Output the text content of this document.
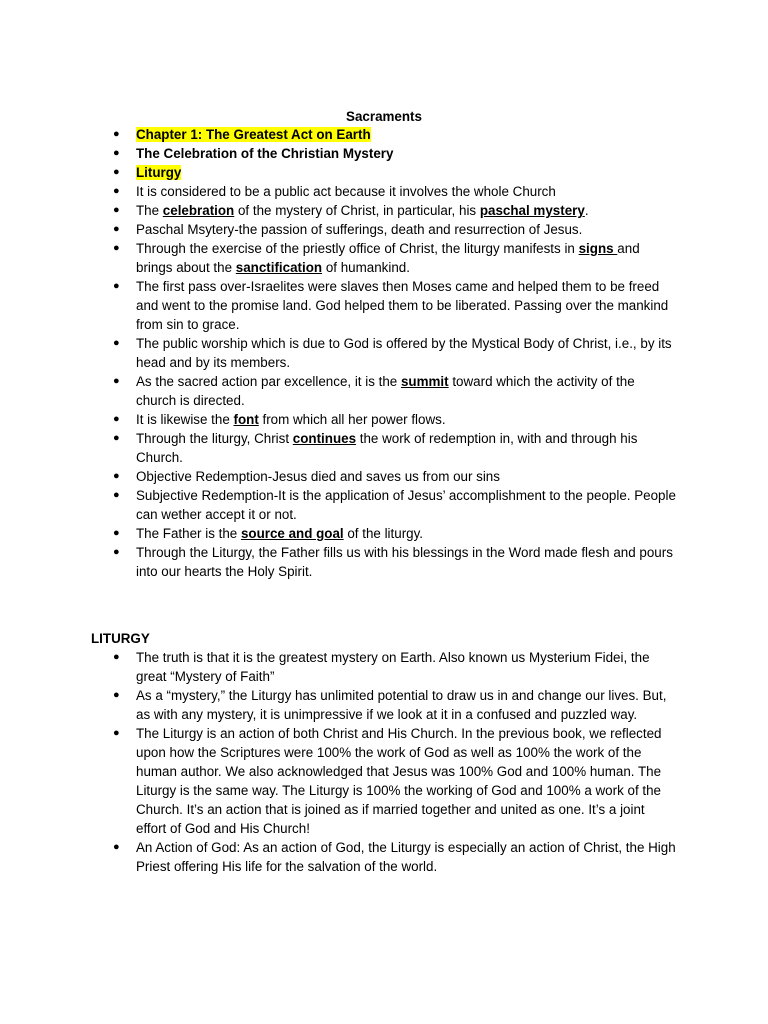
Sacraments
●	Chapter 1: The Greatest Act on Earth
●	The Celebration of the Christian Mystery
●	Liturgy
●	It is considered to be a public act because it involves the whole Church
●	The celebration of the mystery of Christ, in particular, his paschal mystery.
●	Paschal Msytery-the passion of sufferings, death and resurrection of Jesus.
●	Through the exercise of the priestly office of Christ, the liturgy manifests in signs and brings about the sanctification of humankind.
●	The first pass over-Israelites were slaves then Moses came and helped them to be freed and went to the promise land. God helped them to be liberated. Passing over the mankind from sin to grace.
●	The public worship which is due to God is offered by the Mystical Body of Christ, i.e., by its head and by its members.
●	As the sacred action par excellence, it is the summit toward which the activity of the church is directed.
●	It is likewise the font from which all her power flows.
●	Through the liturgy, Christ continues the work of redemption in, with and through his Church.
●	Objective Redemption-Jesus died and saves us from our sins
●	Subjective Redemption-It is the application of Jesus’ accomplishment to the people. People can wether accept it or not.
●	The Father is the source and goal of the liturgy.
●	Through the Liturgy, the Father fills us with his blessings in the Word made flesh and pours into our hearts the Holy Spirit.
LITURGY
●	The truth is that it is the greatest mystery on Earth. Also known us Mysterium Fidei, the great “Mystery of Faith”
●	As a “mystery,” the Liturgy has unlimited potential to draw us in and change our lives. But, as with any mystery, it is unimpressive if we look at it in a confused and puzzled way.
●	The Liturgy is an action of both Christ and His Church. In the previous book, we reflected upon how the Scriptures were 100% the work of God as well as 100% the work of the human author. We also acknowledged that Jesus was 100% God and 100% human. The Liturgy is the same way. The Liturgy is 100% the working of God and 100% a work of the Church. It’s an action that is joined as if married together and united as one. It’s a joint effort of God and His Church!
●	An Action of God: As an action of God, the Liturgy is especially an action of Christ, the High Priest offering His life for the salvation of the world.
